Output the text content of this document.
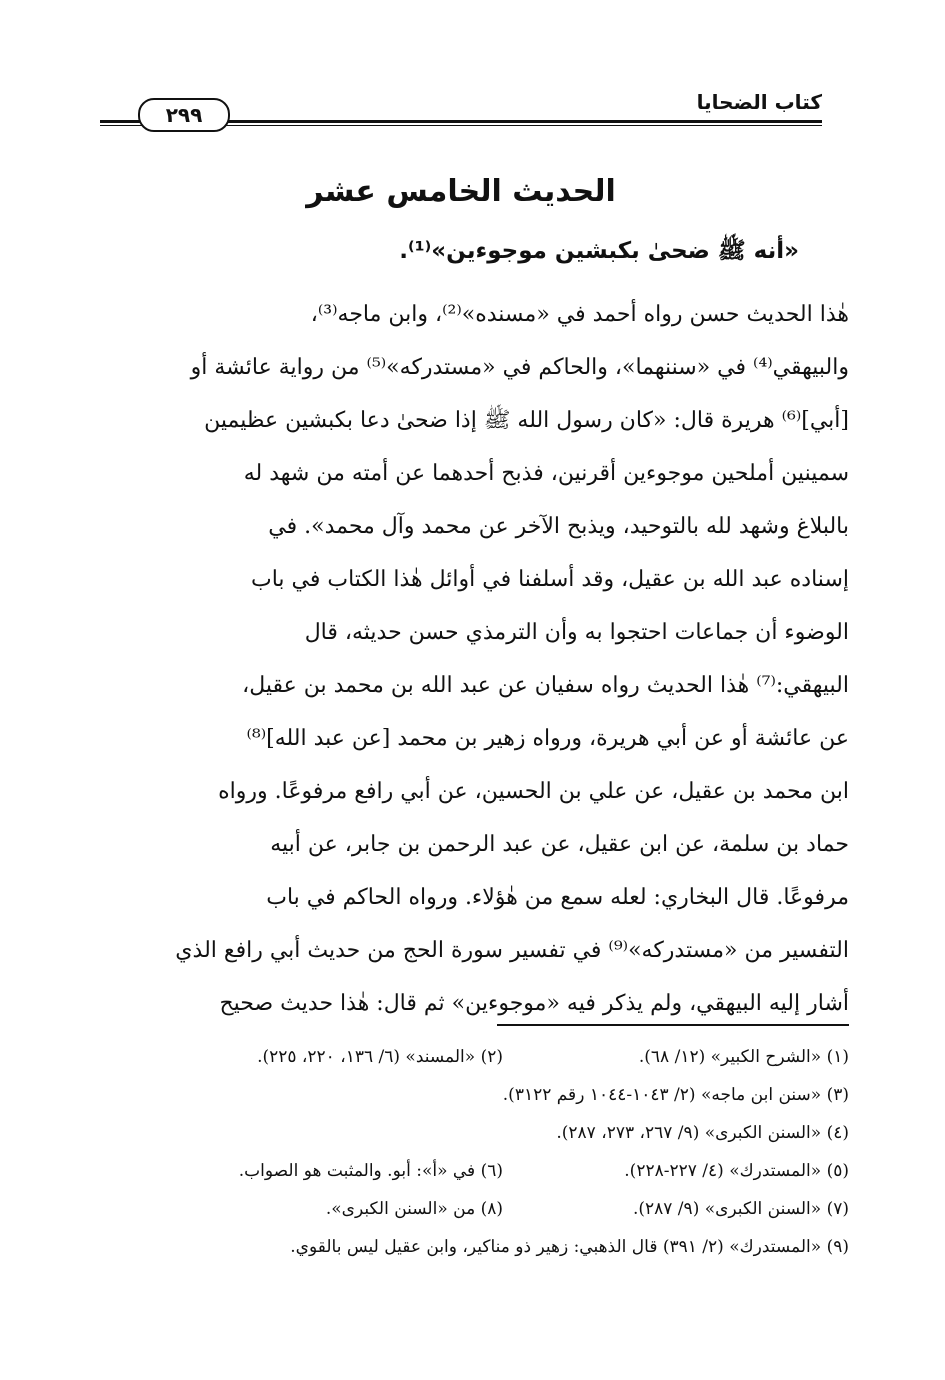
كتاب الضحايا
٢٩٩
الحديث الخامس عشر
«أنه ﷺ ضحىٰ بكبشين موجوءين»⁽¹⁾.

هٰذا الحديث حسن رواه أحمد في «مسنده»⁽²⁾، وابن ماجه⁽³⁾،

والبيهقي⁽⁴⁾ في «سننهما»، والحاكم في «مستدركه»⁽⁵⁾ من رواية عائشة أو

[أبي]⁽⁶⁾ هريرة قال: «كان رسول الله ﷺ إذا ضحىٰ دعا بكبشين عظيمين

سمينين أملحين موجوءين أقرنين، فذبح أحدهما عن أمته من شهد له

بالبلاغ وشهد لله بالتوحيد، ويذبح الآخر عن محمد وآل محمد». في

إسناده عبد الله بن عقيل، وقد أسلفنا في أوائل هٰذا الكتاب في باب

الوضوء أن جماعات احتجوا به وأن الترمذي حسن حديثه، قال

البيهقي:⁽⁷⁾ هٰذا الحديث رواه سفيان عن عبد الله بن محمد بن عقيل،

عن عائشة أو عن أبي هريرة، ورواه زهير بن محمد [عن عبد الله]⁽⁸⁾

ابن محمد بن عقيل، عن علي بن الحسين، عن أبي رافع مرفوعًا. ورواه

حماد بن سلمة، عن ابن عقيل، عن عبد الرحمن بن جابر، عن أبيه

مرفوعًا. قال البخاري: لعله سمع من هٰؤلاء. ورواه الحاكم في باب

التفسير من «مستدركه»⁽⁹⁾ في تفسير سورة الحج من حديث أبي رافع الذي

أشار إليه البيهقي، ولم يذكر فيه «موجوءين» ثم قال: هٰذا حديث صحيح

(١) «الشرح الكبير» (١٢/ ٦٨).(٢) «المسند» (٦/ ١٣٦، ٢٢٠، ٢٢٥).
(٣) «سنن ابن ماجه» (٢/ ١٠٤٣-١٠٤٤ رقم ٣١٢٢).
(٤) «السنن الكبرى» (٩/ ٢٦٧، ٢٧٣، ٢٨٧).
(٥) «المستدرك» (٤/ ٢٢٧-٢٢٨).(٦) في «أ»: أبو. والمثبت هو الصواب.
(٧) «السنن الكبرى» (٩/ ٢٨٧).(٨) من «السنن الكبرى».
(٩) «المستدرك» (٢/ ٣٩١) قال الذهبي: زهير ذو مناكير، وابن عقيل ليس بالقوي.
